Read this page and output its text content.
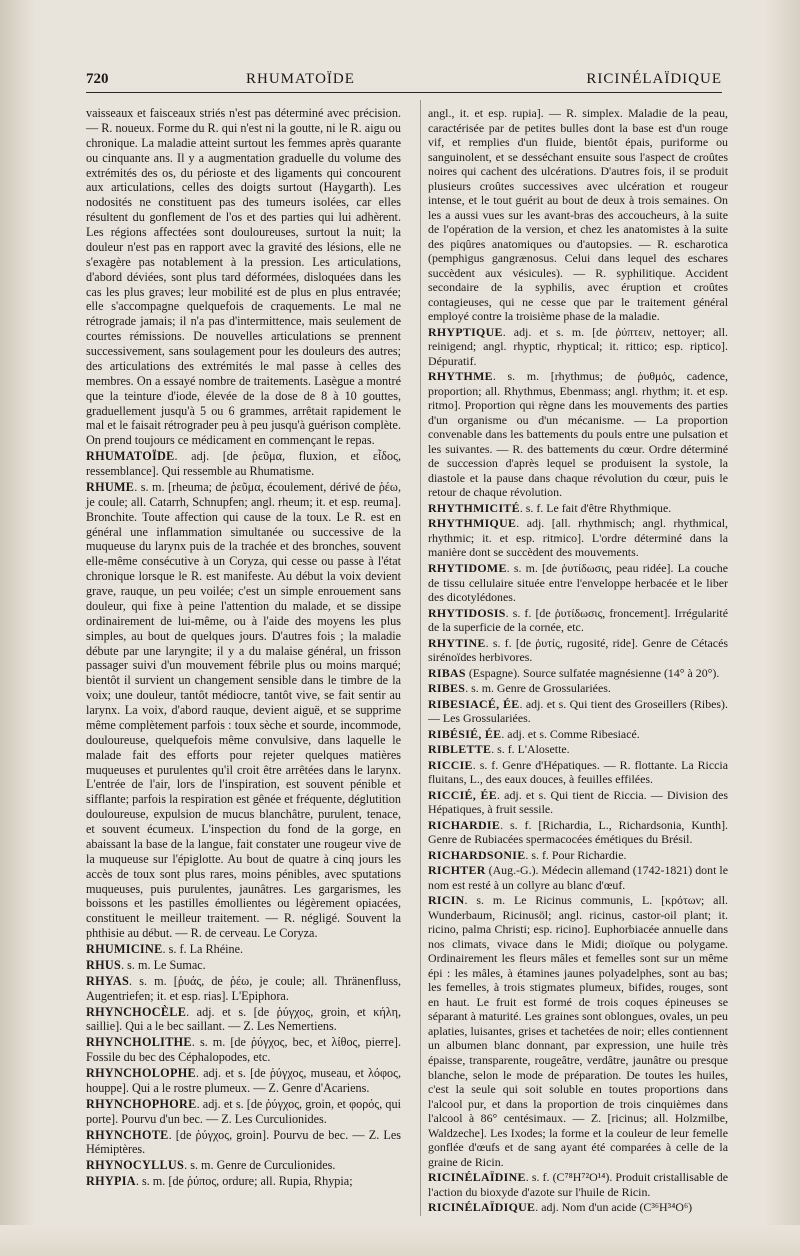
720	RHUMATOÏDE	RICINÉLAÏDIQUE

vaisseaux et faisceaux striés n'est pas déterminé avec précision. — R. noueux. Forme du R. qui n'est ni la goutte, ni le R. aigu ou chronique. La maladie atteint surtout les femmes après quarante ou cinquante ans. Il y a augmentation graduelle du volume des extrémités des os, du périoste et des ligaments qui concourent aux articulations, celles des doigts surtout (Haygarth). Les nodosités ne constituent pas des tumeurs isolées, car elles résultent du gonflement de l'os et des parties qui lui adhèrent. Les régions affectées sont douloureuses, surtout la nuit; la douleur n'est pas en rapport avec la gravité des lésions, elle ne s'exagère pas notablement à la pression. Les articulations, d'abord déviées, sont plus tard déformées, disloquées dans les cas les plus graves; leur mobilité est de plus en plus entravée; elle s'accompagne quelquefois de craquements. Le mal ne rétrograde jamais; il n'a pas d'intermittence, mais seulement de courtes rémissions. De nouvelles articulations se prennent successivement, sans soulagement pour les douleurs des autres; des articulations des extrémités le mal passe à celles des membres. On a essayé nombre de traitements. Lasègue a montré que la teinture d'iode, élevée de la dose de 8 à 10 gouttes, graduellement jusqu'à 5 ou 6 grammes, arrêtait rapidement le mal et le faisait rétrograder peu à peu jusqu'à guérison complète. On prend toujours ce médicament en commençant le repas.

RHUMATOÏDE. adj. [de ῥεῦμα, fluxion, et εἶδος, ressemblance]. Qui ressemble au Rhumatisme.

RHUME. s. m. [rheuma; de ῥεῦμα, écoulement, dérivé de ῥέω, je coule; all. Catarrh, Schnupfen; angl. rheum; it. et esp. reuma]. Bronchite. Toute affection qui cause de la toux. Le R. est en général une inflammation simultanée ou successive de la muqueuse du larynx puis de la trachée et des bronches, souvent elle-même consécutive à un Coryza, qui cesse ou passe à l'état chronique lorsque le R. est manifeste. Au début la voix devient grave, rauque, un peu voilée; c'est un simple enrouement sans douleur, qui fixe à peine l'attention du malade, et se dissipe ordinairement de lui-même, ou à l'aide des moyens les plus simples, au bout de quelques jours. D'autres fois ; la maladie débute par une laryngite; il y a du malaise général, un frisson passager suivi d'un mouvement fébrile plus ou moins marqué; bientôt il survient un changement sensible dans le timbre de la voix; une douleur, tantôt médiocre, tantôt vive, se fait sentir au larynx. La voix, d'abord rauque, devient aiguë, et se supprime même complètement parfois : toux sèche et sourde, incommode, douloureuse, quelquefois même convulsive, dans laquelle le malade fait des efforts pour rejeter quelques matières muqueuses et purulentes qu'il croit être arrêtées dans le larynx. L'entrée de l'air, lors de l'inspiration, est souvent pénible et sifflante; parfois la respiration est gênée et fréquente, déglutition douloureuse, expulsion de mucus blanchâtre, purulent, tenace, et souvent écumeux. L'inspection du fond de la gorge, en abaissant la base de la langue, fait constater une rougeur vive de la muqueuse sur l'épiglotte. Au bout de quatre à cinq jours les accès de toux sont plus rares, moins pénibles, avec sputations muqueuses, puis purulentes, jaunâtres. Les gargarismes, les boissons et les pastilles émollientes ou légèrement opiacées, constituent le meilleur traitement. — R. négligé. Souvent la phthisie au début. — R. de cerveau. Le Coryza.

RHUMICINE. s. f. La Rhéine.

RHUS. s. m. Le Sumac.

RHYAS. s. m. [ῥυάς, de ῥέω, je coule; all. Thränenfluss, Augentriefen; it. et esp. rias]. L'Epiphora.

RHYNCHOCÈLE. adj. et s. [de ῥύγχος, groin, et κήλη, saillie]. Qui a le bec saillant. — Z. Les Nemertiens.

RHYNCHOLITHE. s. m. [de ῥύγχος, bec, et λίθος, pierre]. Fossile du bec des Céphalopodes, etc.

RHYNCHOLOPHE. adj. et s. [de ῥύγχος, museau, et λόφος, houppe]. Qui a le rostre plumeux. — Z. Genre d'Acariens.

RHYNCHOPHORE. adj. et s. [de ῥύγχος, groin, et φορός, qui porte]. Pourvu d'un bec. — Z. Les Curculionides.

RHYNCHOTE. [de ῥύγχος, groin]. Pourvu de bec. — Z. Les Hémiptères.

RHYNOCYLLUS. s. m. Genre de Curculionides.

RHYPIA. s. m. [de ῥύπος, ordure; all. Rupia, Rhypia;

angl., it. et esp. rupia]. — R. simplex. Maladie de la peau, caractérisée par de petites bulles dont la base est d'un rouge vif, et remplies d'un fluide, bientôt épais, puriforme ou sanguinolent, et se desséchant ensuite sous l'aspect de croûtes noires qui cachent des ulcérations. D'autres fois, il se produit plusieurs croûtes successives avec ulcération et rougeur intense, et le tout guérit au bout de deux à trois semaines. On les a aussi vues sur les avant-bras des accoucheurs, à la suite de l'opération de la version, et chez les anatomistes à la suite des piqûres anatomiques ou d'autopsies. — R. escharotica (pemphigus gangrænosus. Celui dans lequel des eschares succèdent aux vésicules). — R. syphilitique. Accident secondaire de la syphilis, avec éruption et croûtes contagieuses, qui ne cesse que par le traitement général employé contre la troisième phase de la maladie.

RHYPTIQUE. adj. et s. m. [de ῥύπτειν, nettoyer; all. reinigend; angl. rhyptic, rhyptical; it. rittico; esp. riptico]. Dépuratif.

RHYTHME. s. m. [rhythmus; de ῥυθμός, cadence, proportion; all. Rhythmus, Ebenmass; angl. rhythm; it. et esp. ritmo]. Proportion qui règne dans les mouvements des parties d'un organisme ou d'un mécanisme. — La proportion convenable dans les battements du pouls entre une pulsation et les suivantes. — R. des battements du cœur. Ordre déterminé de succession d'après lequel se produisent la systole, la diastole et la pause dans chaque révolution du cœur, puis le retour de chaque révolution.

RHYTHMICITÉ. s. f. Le fait d'être Rhythmique.

RHYTHMIQUE. adj. [all. rhythmisch; angl. rhythmical, rhythmic; it. et esp. ritmico]. L'ordre déterminé dans la manière dont se succèdent des mouvements.

RHYTIDOME. s. m. [de ῥυτίδωσις, peau ridée]. La couche de tissu cellulaire située entre l'enveloppe herbacée et le liber des dicotylédones.

RHYTIDOSIS. s. f. [de ῥυτίδωσις, froncement]. Irrégularité de la superficie de la cornée, etc.

RHYTINE. s. f. [de ῥυτίς, rugosité, ride]. Genre de Cétacés sirénoïdes herbivores.

RIBAS (Espagne). Source sulfatée magnésienne (14° à 20°).

RIBES. s. m. Genre de Grossulariées.

RIBESIACÉ, ÉE. adj. et s. Qui tient des Groseillers (Ribes). — Les Grossulariées.

RIBÉSIÉ, ÉE. adj. et s. Comme Ribesiacé.

RIBLETTE. s. f. L'Alosette.

RICCIE. s. f. Genre d'Hépatiques. — R. flottante. La Riccia fluitans, L., des eaux douces, à feuilles effilées.

RICCIÉ, ÉE. adj. et s. Qui tient de Riccia. — Division des Hépatiques, à fruit sessile.

RICHARDIE. s. f. [Richardia, L., Richardsonia, Kunth]. Genre de Rubiacées spermacocées émétiques du Brésil.

RICHARDSONIE. s. f. Pour Richardie.

RICHTER (Aug.-G.). Médecin allemand (1742-1821) dont le nom est resté à un collyre au blanc d'œuf.

RICIN. s. m. Le Ricinus communis, L. [κρότων; all. Wunderbaum, Ricinusöl; angl. ricinus, castor-oil plant; it. ricino, palma Christi; esp. ricino]. Euphorbiacée annuelle dans nos climats, vivace dans le Midi; dioïque ou polygame. Ordinairement les fleurs mâles et femelles sont sur un même épi : les mâles, à étamines jaunes polyadelphes, sont au bas; les femelles, à trois stigmates plumeux, bifides, rouges, sont en haut. Le fruit est formé de trois coques épineuses se séparant à maturité. Les graines sont oblongues, ovales, un peu aplaties, luisantes, grises et tachetées de noir; elles contiennent un albumen blanc donnant, par expression, une huile très épaisse, transparente, rougeâtre, verdâtre, jaunâtre ou presque blanche, selon le mode de préparation. De toutes les huiles, c'est la seule qui soit soluble en toutes proportions dans l'alcool pur, et dans la proportion de trois cinquièmes dans l'alcool à 86° centésimaux. — Z. [ricinus; all. Holzmilbe, Waldzeche]. Les Ixodes; la forme et la couleur de leur femelle gonflée d'œufs et de sang ayant été comparées à celle de la graine de Ricin.

RICINÉLAÏDINE. s. f. (C⁷⁸H⁷²O¹⁴). Produit cristallisable de l'action du bioxyde d'azote sur l'huile de Ricin.

RICINÉLAÏDIQUE. adj. Nom d'un acide (C³⁶H³⁴O⁶)
